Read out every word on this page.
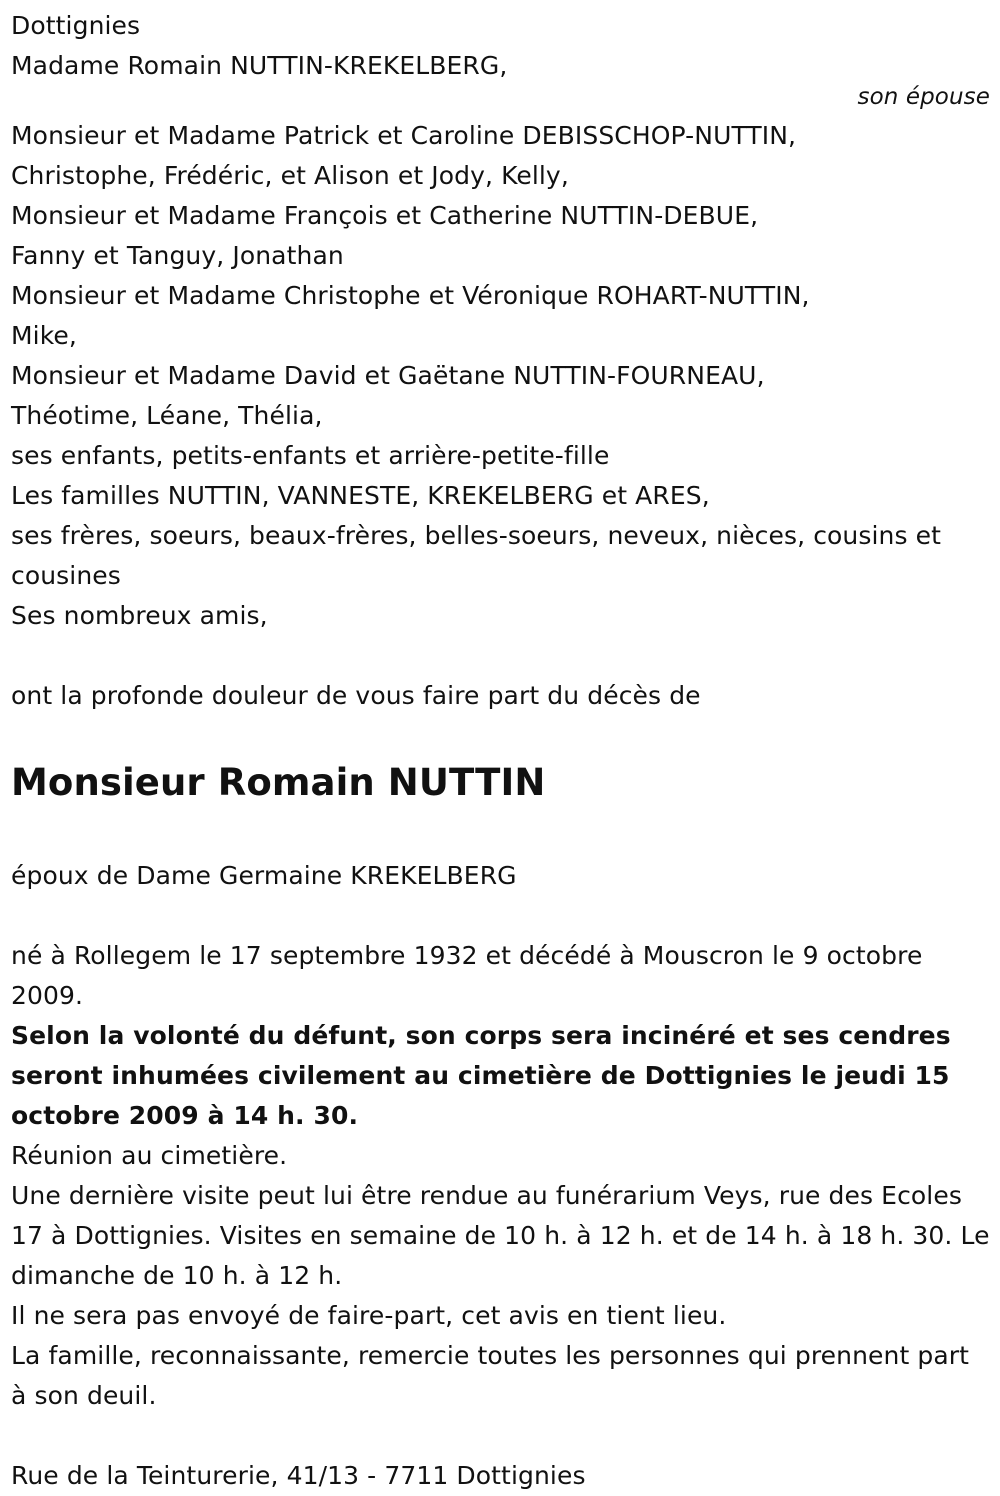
Dottignies
Madame Romain NUTTIN-KREKELBERG,
son épouse
Monsieur et Madame Patrick et Caroline DEBISSCHOP-NUTTIN,
Christophe, Frédéric, et Alison et Jody, Kelly,
Monsieur et Madame François et Catherine NUTTIN-DEBUE,
Fanny et Tanguy, Jonathan
Monsieur et Madame Christophe et Véronique ROHART-NUTTIN,
Mike,
Monsieur et Madame David et Gaëtane NUTTIN-FOURNEAU,
Théotime, Léane, Thélia,
ses enfants, petits-enfants et arrière-petite-fille
Les familles NUTTIN, VANNESTE, KREKELBERG et ARES,
ses frères, soeurs, beaux-frères, belles-soeurs, neveux, nièces, cousins et cousines
Ses nombreux amis,
ont la profonde douleur de vous faire part du décès de
Monsieur Romain NUTTIN
époux de Dame Germaine KREKELBERG
né à Rollegem le 17 septembre 1932 et décédé à Mouscron le 9 octobre 2009.
Selon la volonté du défunt, son corps sera incinéré et ses cendres seront inhumées civilement au cimetière de Dottignies le jeudi 15 octobre 2009 à 14 h. 30.
Réunion au cimetière.
Une dernière visite peut lui être rendue au funérarium Veys, rue des Ecoles 17 à Dottignies. Visites en semaine de 10 h. à 12 h. et de 14 h. à 18 h. 30. Le dimanche de 10 h. à 12 h.
Il ne sera pas envoyé de faire-part, cet avis en tient lieu.
La famille, reconnaissante, remercie toutes les personnes qui prennent part à son deuil.
Rue de la Teinturerie, 41/13 - 7711 Dottignies
